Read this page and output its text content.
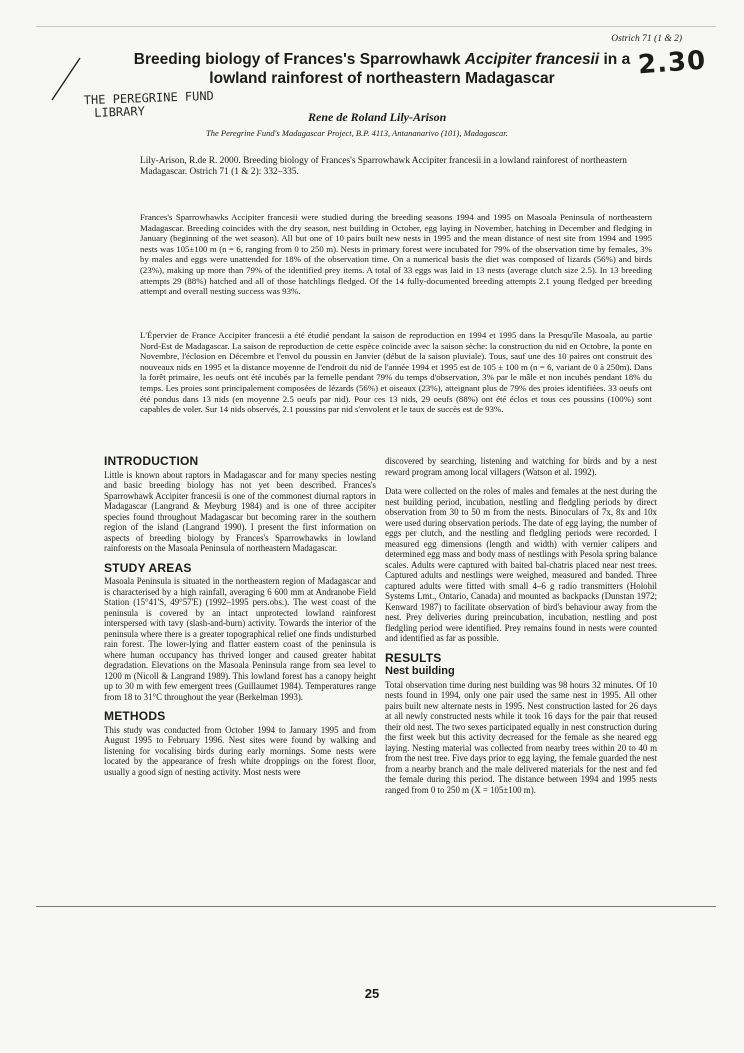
Ostrich 71 (1 & 2)
2.30
THE PEREGRINE FUND
LIBRARY
Breeding biology of Frances's Sparrowhawk Accipiter francesii in a lowland rainforest of northeastern Madagascar
Rene de Roland Lily-Arison
The Peregrine Fund's Madagascar Project, B.P. 4113, Antananarivo (101), Madagascar.
Lily-Arison, R.de R. 2000. Breeding biology of Frances's Sparrowhawk Accipiter francesii in a lowland rainforest of northeastern Madagascar. Ostrich 71 (1 & 2): 332–335.
Frances's Sparrowhawks Accipiter francesii were studied during the breeding seasons 1994 and 1995 on Masoala Peninsula of northeastern Madagascar. Breeding coincides with the dry season, nest building in October, egg laying in November, hatching in December and fledging in January (beginning of the wet season). All but one of 10 pairs built new nests in 1995 and the mean distance of nest site from 1994 and 1995 nests was 105±100 m (n = 6, ranging from 0 to 250 m). Nests in primary forest were incubated for 79% of the observation time by females, 3% by males and eggs were unattended for 18% of the observation time. On a numerical basis the diet was composed of lizards (56%) and birds (23%), making up more than 79% of the identified prey items. A total of 33 eggs was laid in 13 nests (average clutch size 2.5). In 13 breeding attempts 29 (88%) hatched and all of those hatchlings fledged. Of the 14 fully-documented breeding attempts 2.1 young fledged per breeding attempt and overall nesting success was 93%.
L'Épervier de France Accipiter francesii a été étudié pendant la saison de reproduction en 1994 et 1995 dans la Presqu'île Masoala, au partie Nord-Est de Madagascar. La saison de reproduction de cette espèce coïncide avec la saison sèche: la construction du nid en Octobre, la ponte en Novembre, l'éclosion en Décembre et l'envol du poussin en Janvier (début de la saison pluviale). Tous, sauf une des 10 paires ont construit des nouveaux nids en 1995 et la distance moyenne de l'endroit du nid de l'année 1994 et 1995 est de 105 ± 100 m (n = 6, variant de 0 à 250m). Dans la forêt primaire, les oeufs ont été incubés par la femelle pendant 79% du temps d'observation, 3% par le mâle et non incubés pendant 18% du temps. Les proies sont principalement composées de lézards (56%) et oiseaux (23%), atteignant plus de 79% des proies identifiées. 33 oeufs ont été pondus dans 13 nids (en moyenne 2.5 oeufs par nid). Pour ces 13 nids, 29 oeufs (88%) ont été éclos et tous ces poussins (100%) sont capables de voler. Sur 14 nids observés, 2.1 poussins par nid s'envolent et le taux de succès est de 93%.
INTRODUCTION

Little is known about raptors in Madagascar and for many species nesting and basic breeding biology has not yet been described. Frances's Sparrowhawk Accipiter francesii is one of the commonest diurnal raptors in Madagascar (Langrand & Meyburg 1984) and is one of three accipiter species found throughout Madagascar but becoming rarer in the southern region of the island (Langrand 1990). I present the first information on aspects of breeding biology by Frances's Sparrowhawks in lowland rainforests on the Masoala Peninsula of northeastern Madagascar.

STUDY AREAS

Masoala Peninsula is situated in the northeastern region of Madagascar and is characterised by a high rainfall, averaging 6 600 mm at Andranobe Field Station (15°41'S, 49°57'E) (1992–1995 pers.obs.). The west coast of the peninsula is covered by an intact unprotected lowland rainforest interspersed with tavy (slash-and-burn) activity. Towards the interior of the peninsula where there is a greater topographical relief one finds undisturbed rain forest. The lower-lying and flatter eastern coast of the peninsula is where human occupancy has thrived longer and caused greater habitat degradation. Elevations on the Masoala Peninsula range from sea level to 1200 m (Nicoll & Langrand 1989). This lowland forest has a canopy height up to 30 m with few emergent trees (Guillaumet 1984). Temperatures range from 18 to 31°C throughout the year (Berkelman 1993).

METHODS

This study was conducted from October 1994 to January 1995 and from August 1995 to February 1996. Nest sites were found by walking and listening for vocalising birds during early mornings. Some nests were located by the appearance of fresh white droppings on the forest floor, usually a good sign of nesting activity. Most nests were

discovered by searching, listening and watching for birds and by a nest reward program among local villagers (Watson et al. 1992).

Data were collected on the roles of males and females at the nest during the nest building period, incubation, nestling and fledgling periods by direct observation from 30 to 50 m from the nests. Binoculars of 7x, 8x and 10x were used during observation periods. The date of egg laying, the number of eggs per clutch, and the nestling and fledgling periods were recorded. I measured egg dimensions (length and width) with vernier calipers and determined egg mass and body mass of nestlings with Pesola spring balance scales. Adults were captured with baited bal-chatris placed near nest trees. Captured adults and nestlings were weighed, measured and banded. Three captured adults were fitted with small 4–6 g radio transmitters (Holohil Systems Lmt., Ontario, Canada) and mounted as backpacks (Dunstan 1972; Kenward 1987) to facilitate observation of bird's behaviour away from the nest. Prey deliveries during preincubation, incubation, nestling and post fledgling period were identified. Prey remains found in nests were counted and identified as far as possible.

RESULTS
Nest building

Total observation time during nest building was 98 hours 32 minutes. Of 10 nests found in 1994, only one pair used the same nest in 1995. All other pairs built new alternate nests in 1995. Nest construction lasted for 26 days at all newly constructed nests while it took 16 days for the pair that reused their old nest. The two sexes participated equally in nest construction during the first week but this activity decreased for the female as she neared egg laying. Nesting material was collected from nearby trees within 20 to 40 m from the nest tree. Five days prior to egg laying, the female guarded the nest from a nearby branch and the male delivered materials for the nest and fed the female during this period. The distance between 1994 and 1995 nests ranged from 0 to 250 m (X = 105±100 m).

25
